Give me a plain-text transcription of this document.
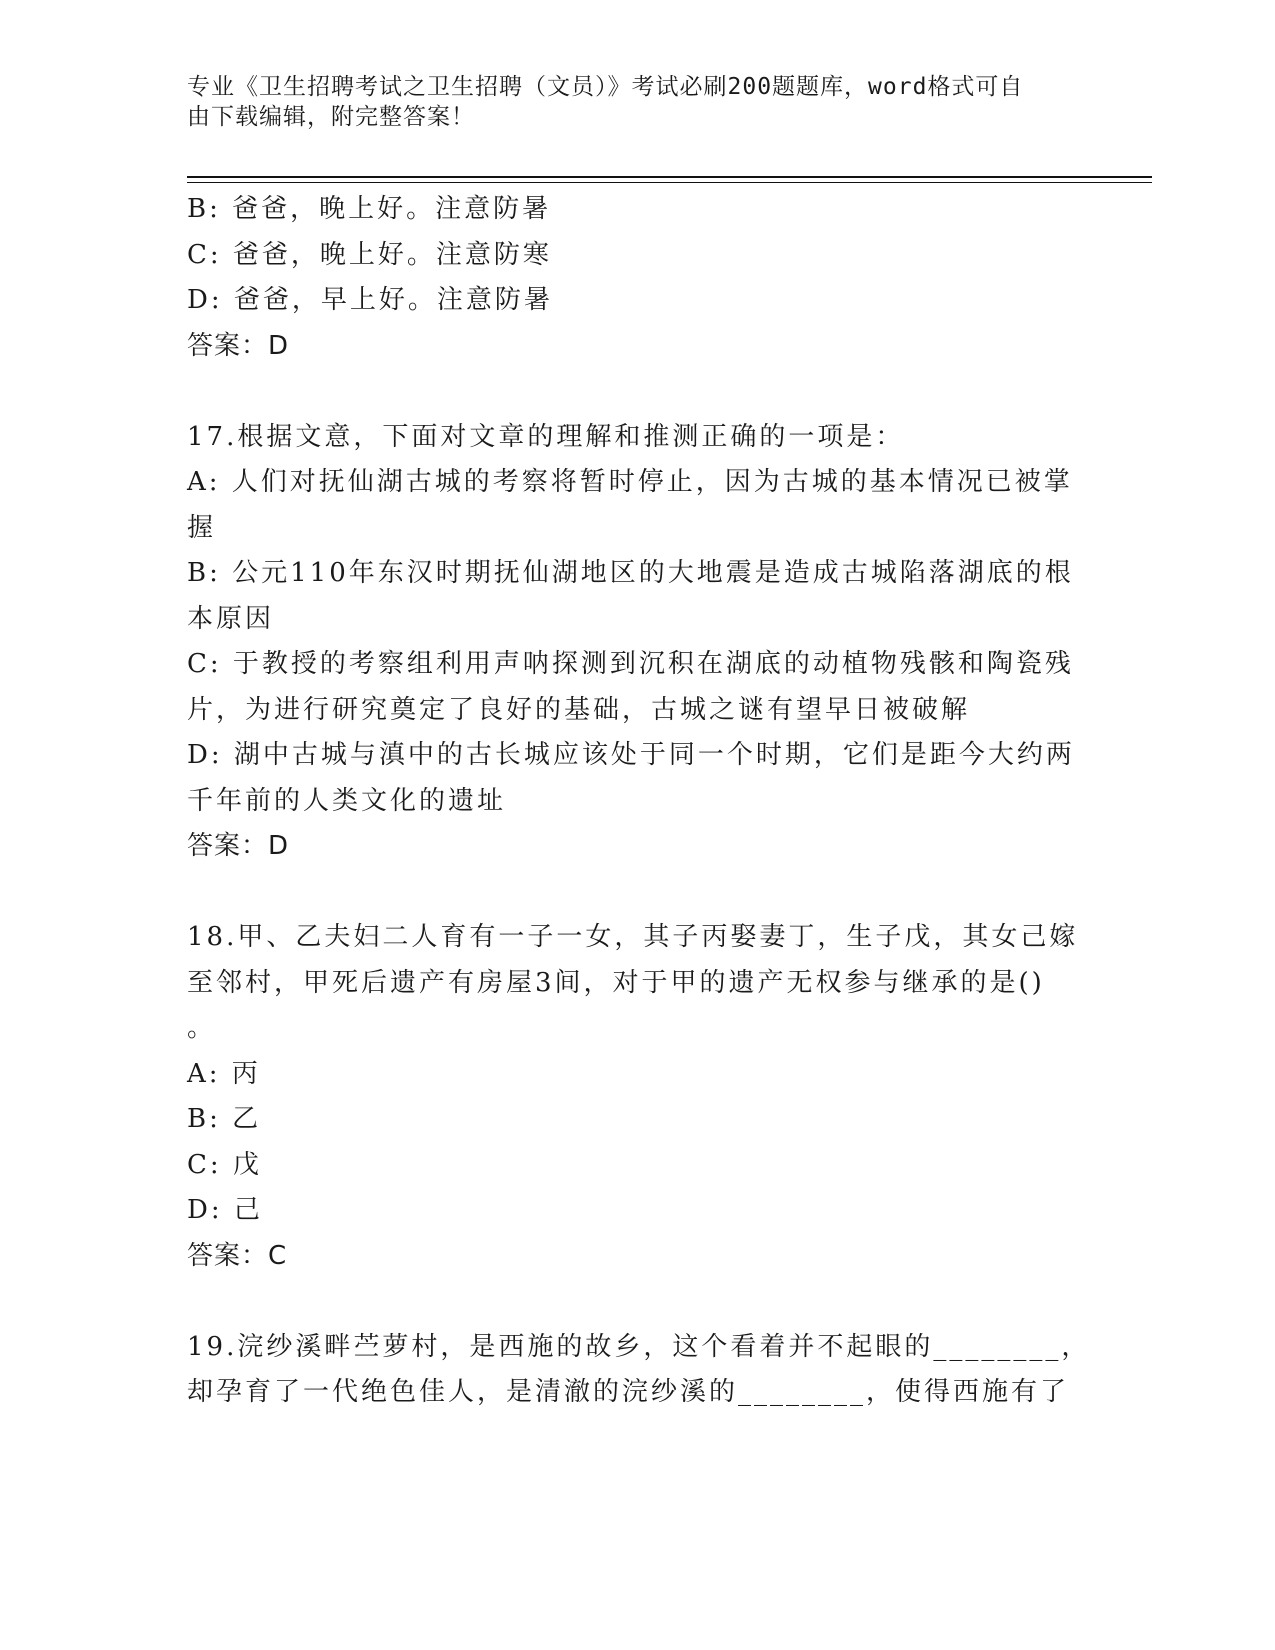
专业《卫生招聘考试之卫生招聘（文员）》考试必刷200题题库，word格式可自
由下载编辑，附完整答案！
B: 爸爸，晚上好。注意防暑
C: 爸爸，晚上好。注意防寒
D: 爸爸，早上好。注意防暑
答案：D
17.根据文意，下面对文章的理解和推测正确的一项是：
A: 人们对抚仙湖古城的考察将暂时停止，因为古城的基本情况已被掌
握
B: 公元110年东汉时期抚仙湖地区的大地震是造成古城陷落湖底的根
本原因
C: 于教授的考察组利用声呐探测到沉积在湖底的动植物残骸和陶瓷残
片，为进行研究奠定了良好的基础，古城之谜有望早日被破解
D: 湖中古城与滇中的古长城应该处于同一个时期，它们是距今大约两
千年前的人类文化的遗址
答案：D
18.甲、乙夫妇二人育有一子一女，其子丙娶妻丁，生子戊，其女己嫁
至邻村，甲死后遗产有房屋3间，对于甲的遗产无权参与继承的是()
。
A: 丙
B: 乙
C: 戊
D: 己
答案：C
19.浣纱溪畔苎萝村，是西施的故乡，这个看着并不起眼的________，
却孕育了一代绝色佳人，是清澈的浣纱溪的________，使得西施有了
